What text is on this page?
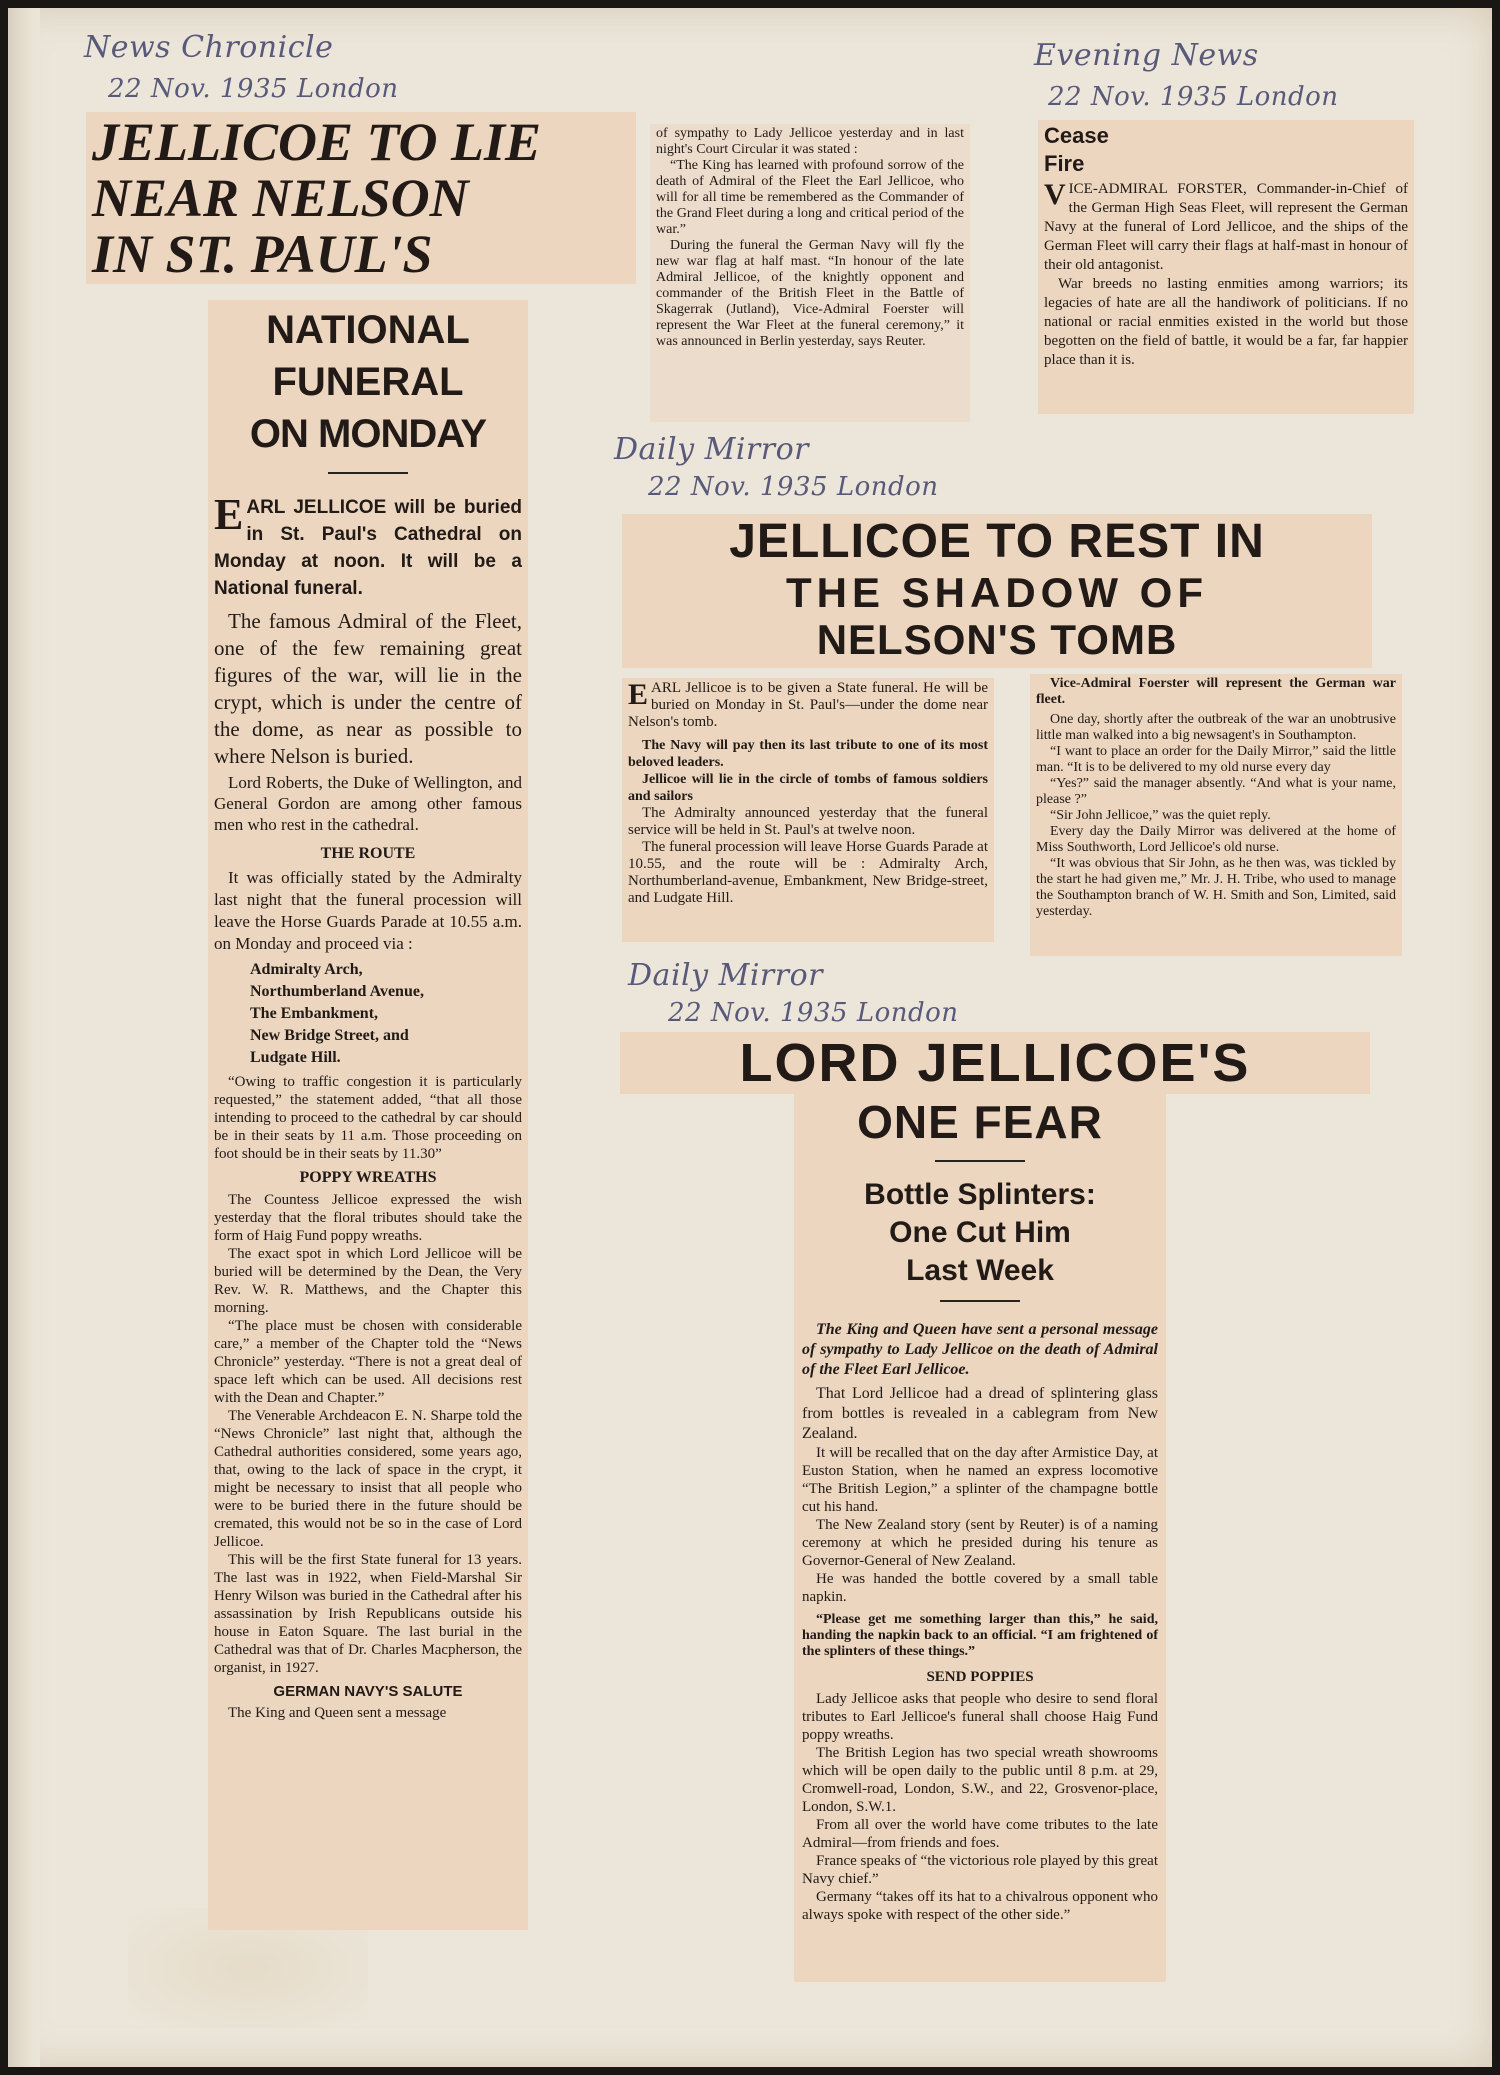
News Chronicle
22 Nov. 1935 London
Evening News
22 Nov. 1935 London
Daily Mirror
22 Nov. 1935 London
Daily Mirror
22 Nov. 1935 London
JELLICOE TO LIE
NEAR NELSON
IN ST. PAUL'S
NATIONAL
FUNERAL
ON MONDAY
EARL JELLICOE will be buried in St. Paul's Cathedral on Monday at noon. It will be a National funeral.

The famous Admiral of the Fleet, one of the few remaining great figures of the war, will lie in the crypt, which is under the centre of the dome, as near as possible to where Nelson is buried.

Lord Roberts, the Duke of Wellington, and General Gordon are among other famous men who rest in the cathedral.

THE ROUTE

It was officially stated by the Admiralty last night that the funeral procession will leave the Horse Guards Parade at 10.55 a.m. on Monday and proceed via :

Admiralty Arch,
Northumberland Avenue,
The Embankment,
New Bridge Street, and
Ludgate Hill.

“Owing to traffic congestion it is particularly requested,” the statement added, “that all those intending to proceed to the cathedral by car should be in their seats by 11 a.m. Those proceeding on foot should be in their seats by 11.30”

POPPY WREATHS

The Countess Jellicoe expressed the wish yesterday that the floral tributes should take the form of Haig Fund poppy wreaths.

The exact spot in which Lord Jellicoe will be buried will be determined by the Dean, the Very Rev. W. R. Matthews, and the Chapter this morning.

“The place must be chosen with considerable care,” a member of the Chapter told the “News Chronicle” yesterday. “There is not a great deal of space left which can be used. All decisions rest with the Dean and Chapter.”

The Venerable Archdeacon E. N. Sharpe told the “News Chronicle” last night that, although the Cathedral authorities considered, some years ago, that, owing to the lack of space in the crypt, it might be necessary to insist that all people who were to be buried there in the future should be cremated, this would not be so in the case of Lord Jellicoe.

This will be the first State funeral for 13 years. The last was in 1922, when Field-Marshal Sir Henry Wilson was buried in the Cathedral after his assassination by Irish Republicans outside his house in Eaton Square. The last burial in the Cathedral was that of Dr. Charles Macpherson, the organist, in 1927.

GERMAN NAVY'S SALUTE

The King and Queen sent a message

of sympathy to Lady Jellicoe yesterday and in last night's Court Circular it was stated :

“The King has learned with profound sorrow of the death of Admiral of the Fleet the Earl Jellicoe, who will for all time be remembered as the Commander of the Grand Fleet during a long and critical period of the war.”

During the funeral the German Navy will fly the new war flag at half mast. “In honour of the late Admiral Jellicoe, of the knightly opponent and commander of the British Fleet in the Battle of Skagerrak (Jutland), Vice-Admiral Foerster will represent the War Fleet at the funeral ceremony,” it was announced in Berlin yesterday, says Reuter.

Cease
Fire

VICE-ADMIRAL FORSTER, Commander-in-Chief of the German High Seas Fleet, will represent the German Navy at the funeral of Lord Jellicoe, and the ships of the German Fleet will carry their flags at half-mast in honour of their old antagonist.

War breeds no lasting enmities among warriors; its legacies of hate are all the handiwork of politicians. If no national or racial enmities existed in the world but those begotten on the field of battle, it would be a far, far happier place than it is.

JELLICOE TO REST IN
THE SHADOW OF
NELSON'S TOMB

EARL Jellicoe is to be given a State funeral. He will be buried on Monday in St. Paul's—under the dome near Nelson's tomb.

The Navy will pay then its last tribute to one of its most beloved leaders.

Jellicoe will lie in the circle of tombs of famous soldiers and sailors

The Admiralty announced yesterday that the funeral service will be held in St. Paul's at twelve noon.

The funeral procession will leave Horse Guards Parade at 10.55, and the route will be : Admiralty Arch, Northumberland-avenue, Embankment, New Bridge-street, and Ludgate Hill.

Vice-Admiral Foerster will represent the German war fleet.

One day, shortly after the outbreak of the war an unobtrusive little man walked into a big newsagent's in Southampton.

“I want to place an order for the Daily Mirror,” said the little man. “It is to be delivered to my old nurse every day

“Yes?” said the manager absently. “And what is your name, please ?”

“Sir John Jellicoe,” was the quiet reply.

Every day the Daily Mirror was delivered at the home of Miss Southworth, Lord Jellicoe's old nurse.

“It was obvious that Sir John, as he then was, was tickled by the start he had given me,” Mr. J. H. Tribe, who used to manage the Southampton branch of W. H. Smith and Son, Limited, said yesterday.

LORD JELLICOE'S
ONE FEAR
Bottle Splinters:
One Cut Him
Last Week

The King and Queen have sent a personal message of sympathy to Lady Jellicoe on the death of Admiral of the Fleet Earl Jellicoe.

That Lord Jellicoe had a dread of splintering glass from bottles is revealed in a cablegram from New Zealand.

It will be recalled that on the day after Armistice Day, at Euston Station, when he named an express locomotive “The British Legion,” a splinter of the champagne bottle cut his hand.

The New Zealand story (sent by Reuter) is of a naming ceremony at which he presided during his tenure as Governor-General of New Zealand.

He was handed the bottle covered by a small table napkin.

“Please get me something larger than this,” he said, handing the napkin back to an official. “I am frightened of the splinters of these things.”

SEND POPPIES

Lady Jellicoe asks that people who desire to send floral tributes to Earl Jellicoe's funeral shall choose Haig Fund poppy wreaths.

The British Legion has two special wreath showrooms which will be open daily to the public until 8 p.m. at 29, Cromwell-road, London, S.W., and 22, Grosvenor-place, London, S.W.1.

From all over the world have come tributes to the late Admiral—from friends and foes.

France speaks of “the victorious role played by this great Navy chief.”

Germany “takes off its hat to a chivalrous opponent who always spoke with respect of the other side.”
